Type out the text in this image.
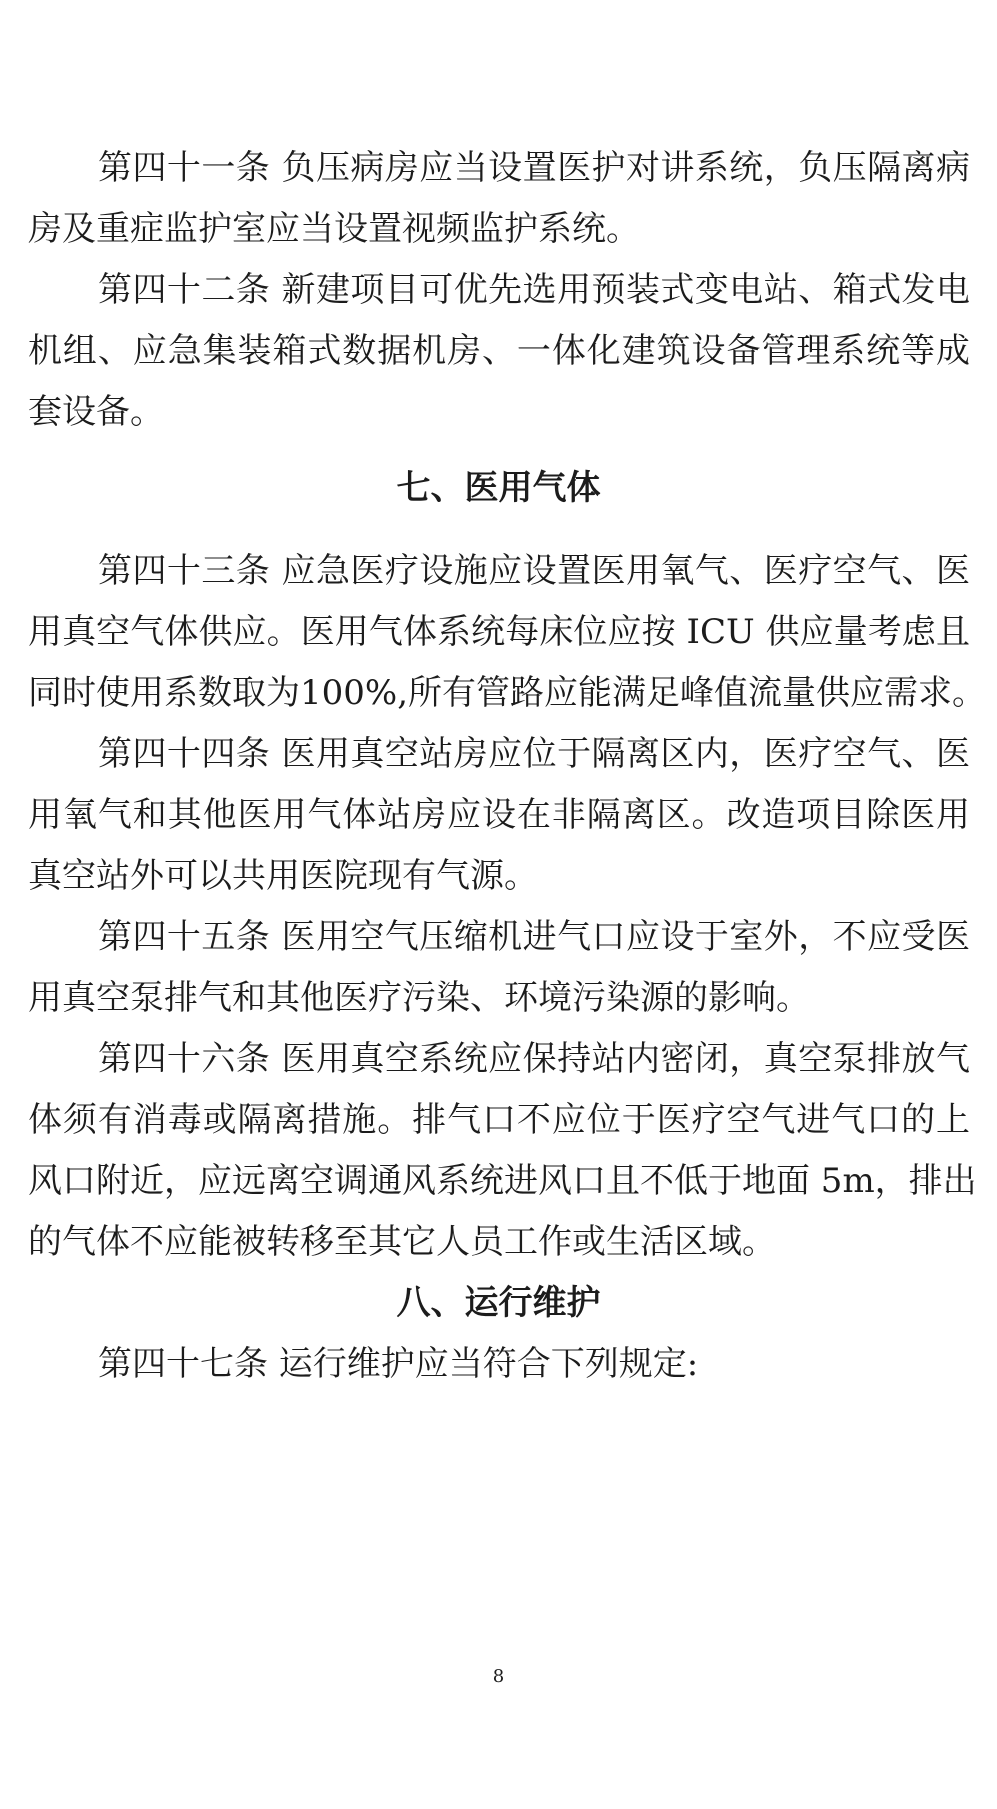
第四十一条 负压病房应当设置医护对讲系统，负压隔离病
房及重症监护室应当设置视频监护系统。
第四十二条 新建项目可优先选用预装式变电站、箱式发电
机组、应急集装箱式数据机房、一体化建筑设备管理系统等成
套设备。
七、医用气体
第四十三条 应急医疗设施应设置医用氧气、医疗空气、医
用真空气体供应。医用气体系统每床位应按 ICU 供应量考虑且
同时使用系数取为100%,所有管路应能满足峰值流量供应需求。
第四十四条 医用真空站房应位于隔离区内，医疗空气、医
用氧气和其他医用气体站房应设在非隔离区。改造项目除医用
真空站外可以共用医院现有气源。
第四十五条 医用空气压缩机进气口应设于室外，不应受医
用真空泵排气和其他医疗污染、环境污染源的影响。
第四十六条 医用真空系统应保持站内密闭，真空泵排放气
体须有消毒或隔离措施。排气口不应位于医疗空气进气口的上
风口附近，应远离空调通风系统进风口且不低于地面 5m，排出
的气体不应能被转移至其它人员工作或生活区域。
八、运行维护
第四十七条 运行维护应当符合下列规定:
8
